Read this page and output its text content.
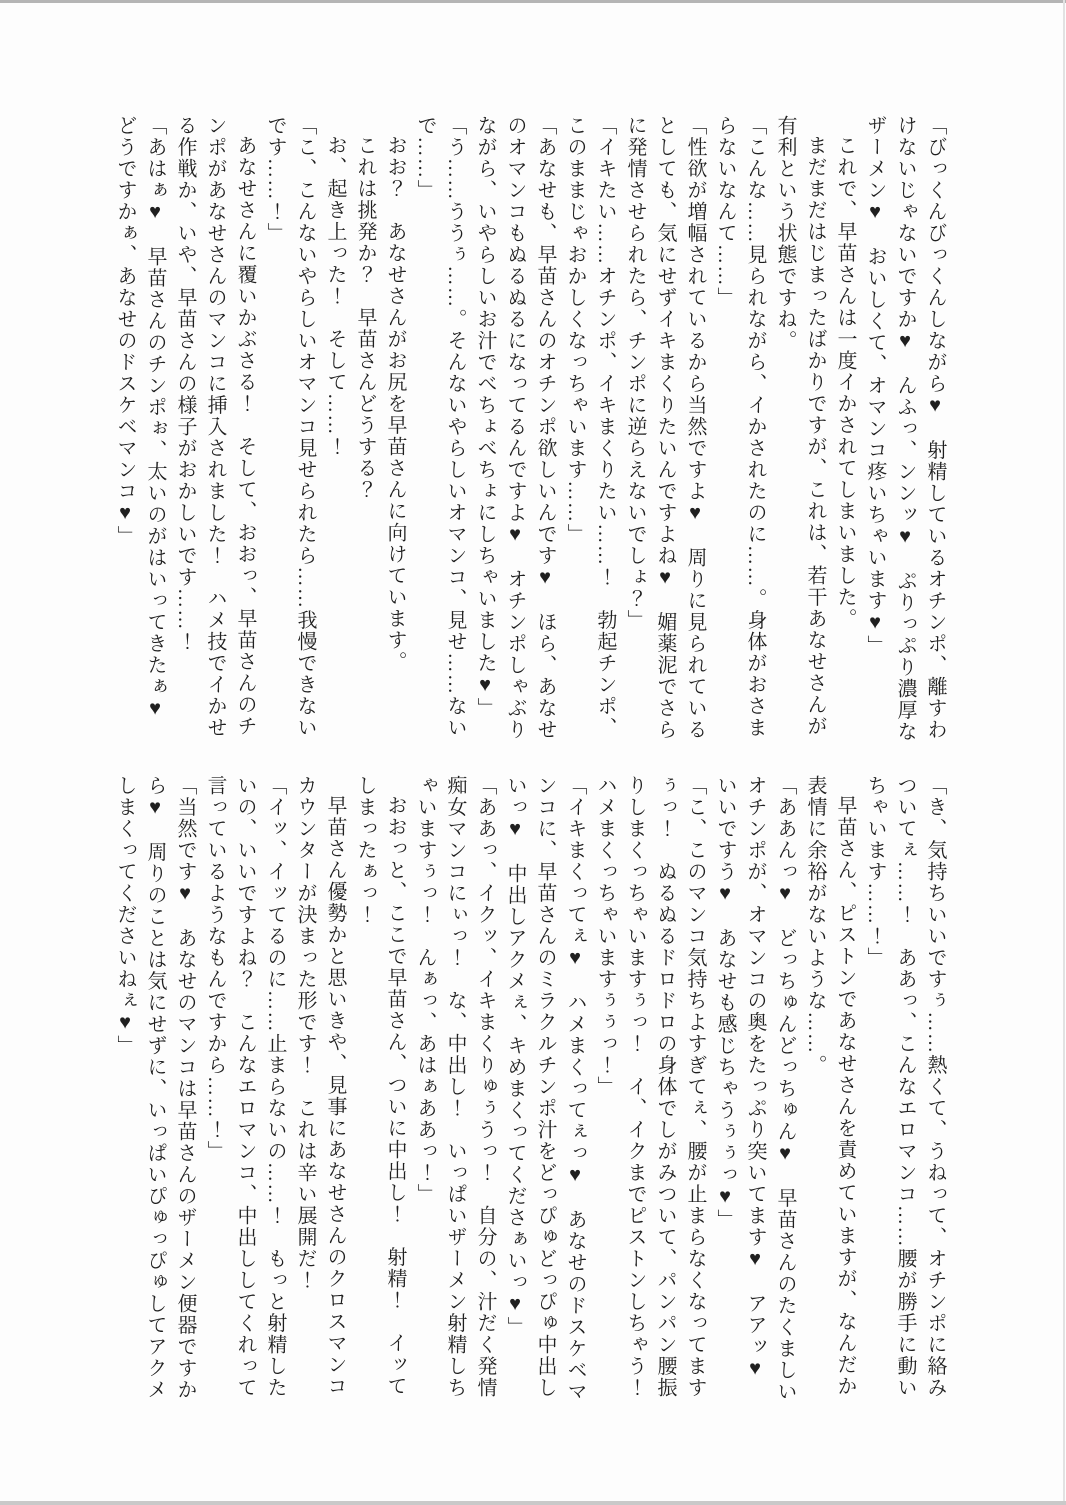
「びっくんびっくんしながら♥　射精しているオチンポ、離すわけないじゃないですか♥　んふっ、ンンッ♥　ぷりっぷり濃厚なザーメン♥　おいしくて、オマンコ疼いちゃいます♥」

これで、早苗さんは一度イかされてしまいました。

まだまだはじまったばかりですが、これは、若干あなせさんが有利という状態ですね。

「こんな……見られながら、イかされたのに……。身体がおさまらないなんて……」

「性欲が増幅されているから当然ですよ♥　周りに見られているとしても、気にせずイキまくりたいんですよね♥　媚薬泥でさらに発情させられたら、チンポに逆らえないでしょ？」

「イキたい……オチンポ、イキまくりたい……！　勃起チンポ、このままじゃおかしくなっちゃいます……」

「あなせも、早苗さんのオチンポ欲しいんです♥　ほら、あなせのオマンコもぬるぬるになってるんですよ♥　オチンポしゃぶりながら、いやらしいお汁でべちょべちょにしちゃいました♥」

「う……ううぅ……。そんないやらしいオマンコ、見せ……ないで……」

おお？　あなせさんがお尻を早苗さんに向けています。

これは挑発か？　早苗さんどうする？

お、起き上った！　そして……！

「こ、こんないやらしいオマンコ見せられたら……我慢できないです……！」

あなせさんに覆いかぶさる！　そして、おおっ、早苗さんのチンポがあなせさんのマンコに挿入されました！　ハメ技でイかせる作戦か、いや、早苗さんの様子がおかしいです……！

「あはぁ♥　早苗さんのチンポぉ、太いのがはいってきたぁ♥　どうですかぁ、あなせのドスケベマンコ♥」

「き、気持ちいいですぅ……熱くて、うねって、オチンポに絡みついてぇ……！　ああっ、こんなエロマンコ……腰が勝手に動いちゃいます……！」

早苗さん、ピストンであなせさんを責めていますが、なんだか表情に余裕がないような……。

「ああんっ♥　どっちゅんどっちゅん♥　早苗さんのたくましいオチンポが、オマンコの奥をたっぷり突いてます♥　アアッ♥　いいですう♥　あなせも感じちゃうぅぅっ♥」

「こ、このマンコ気持ちよすぎてぇ、腰が止まらなくなってますぅっ！　ぬるぬるドロドロの身体でしがみついて、パンパン腰振りしまくっちゃいますぅっ！　イ、イクまでピストンしちゃう！　ハメまくっちゃいますぅぅっ！」

「イキまくってぇ♥　ハメまくってぇっ♥　あなせのドスケベマンコに、早苗さんのミラクルチンポ汁をどっぴゅどっぴゅ中出しいっ♥　中出しアクメぇ、キめまくってくださぁいっ♥」

「ああっ、イクッ、イキまくりゅぅうっ！　自分の、汁だく発情痴女マンコにぃっ！　な、中出し！　いっぱいザーメン射精しちゃいますぅっ！　んぁっ、あはぁああっ！」

おおっと、ここで早苗さん、ついに中出し！　射精！　イッてしまったぁっ！

早苗さん優勢かと思いきや、見事にあなせさんのクロスマンコカウンターが決まった形です！　これは辛い展開だ！

「イッ、イッてるのに……止まらないの……！　もっと射精したいの、いいですよね？　こんなエロマンコ、中出ししてくれって言っているようなもんですから……！」

「当然です♥　あなせのマンコは早苗さんのザーメン便器ですから♥　周りのことは気にせずに、いっぱいぴゅっぴゅしてアクメしまくってくださいねぇ♥」
